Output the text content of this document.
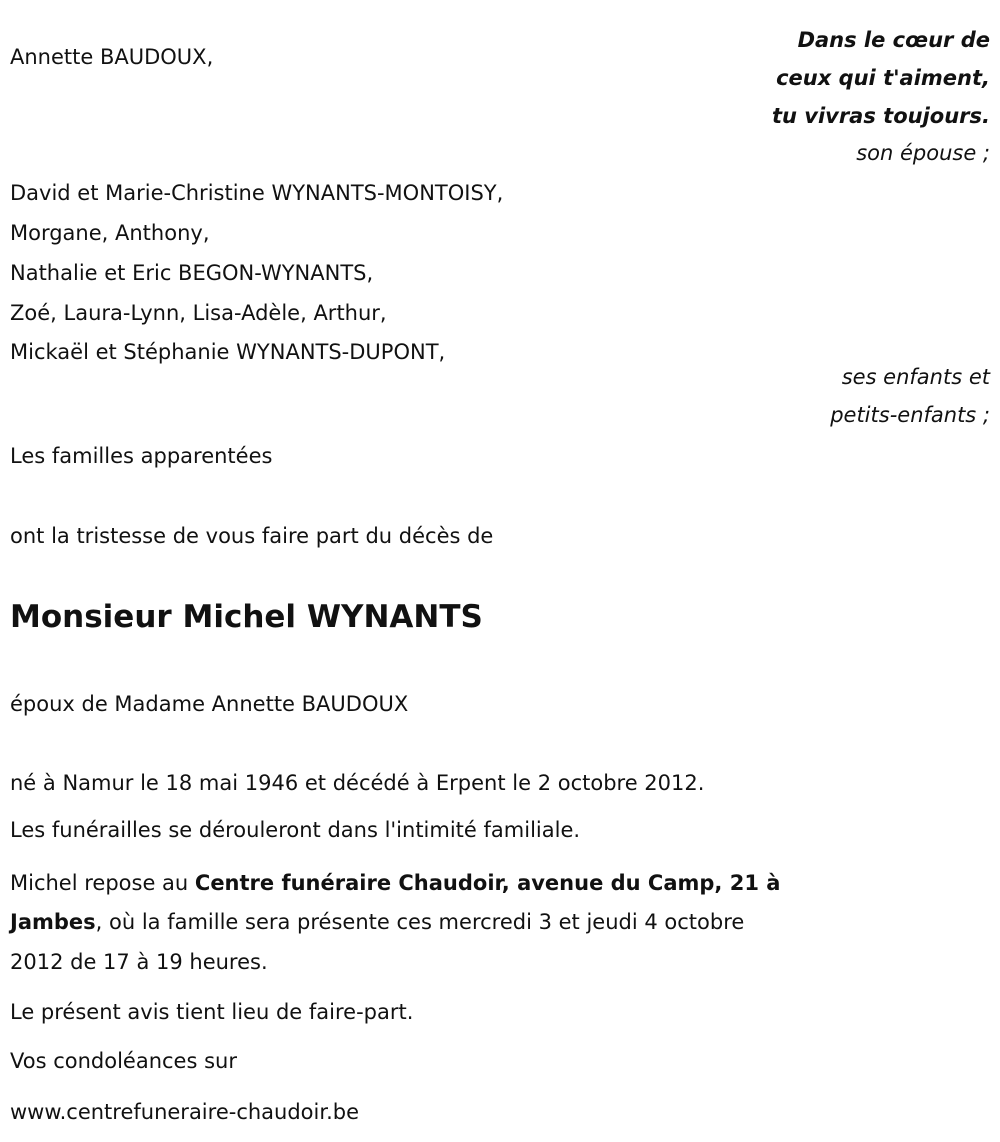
Dans le cœur de
ceux qui t'aiment,
tu vivras toujours.
son épouse ;
Annette BAUDOUX,
David et Marie-Christine WYNANTS-MONTOISY,
Morgane, Anthony,
Nathalie et Eric BEGON-WYNANTS,
Zoé, Laura-Lynn, Lisa-Adèle, Arthur,
Mickaël et Stéphanie WYNANTS-DUPONT,
ses enfants et
petits-enfants ;
Les familles apparentées
ont la tristesse de vous faire part du décès de
Monsieur Michel WYNANTS
époux de Madame Annette BAUDOUX
né à Namur le 18 mai 1946 et décédé à Erpent le 2 octobre 2012.
Les funérailles se dérouleront dans l'intimité familiale.
Michel repose au Centre funéraire Chaudoir, avenue du Camp, 21 à
Jambes, où la famille sera présente ces mercredi 3 et jeudi 4 octobre
2012 de 17 à 19 heures.
Le présent avis tient lieu de faire-part.
Vos condoléances sur
www.centrefuneraire-chaudoir.be
